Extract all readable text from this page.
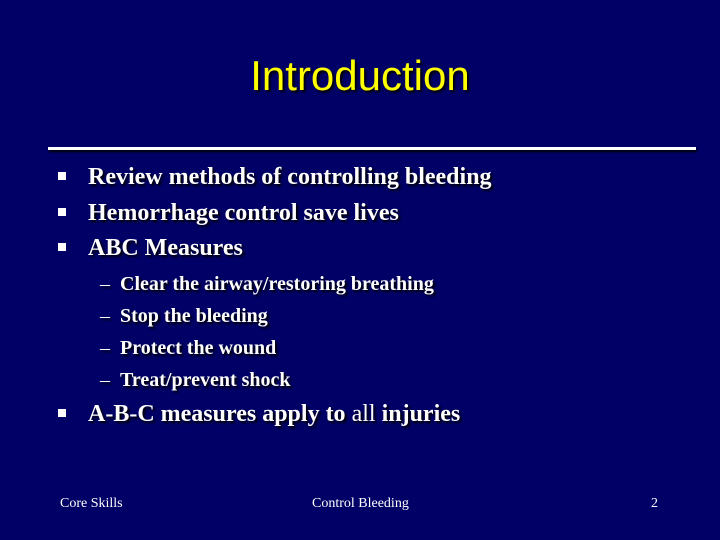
Introduction
Review methods of controlling bleeding
Hemorrhage control save lives
ABC Measures
– Clear the airway/restoring breathing
– Stop the bleeding
– Protect the wound
– Treat/prevent shock
A-B-C measures apply to all injuries
Core Skills	Control Bleeding	2
